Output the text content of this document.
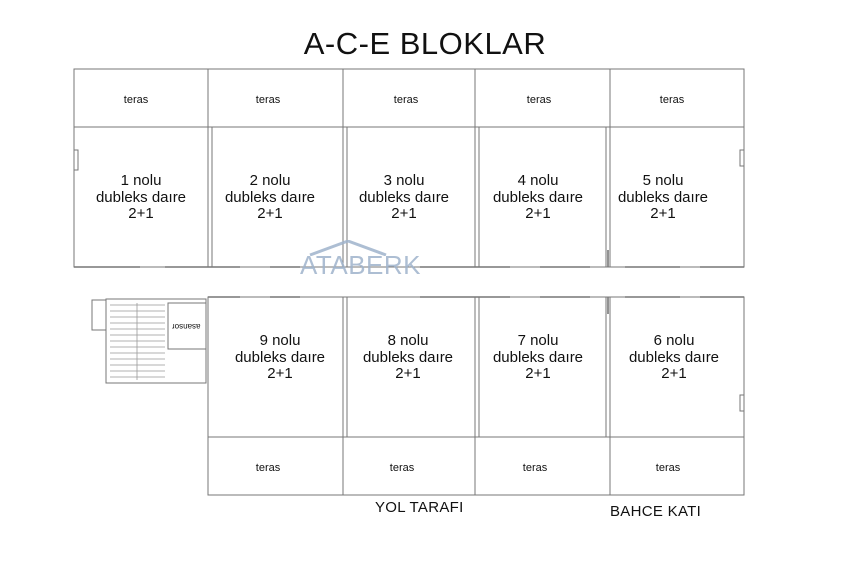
A-C-E BLOKLAR
teras	teras	teras	teras	teras
teras	teras	teras	teras
1 nolu
dubleks daıre
2+1
2 nolu
dubleks daıre
2+1
3 nolu
dubleks daıre
2+1
4 nolu
dubleks daıre
2+1
5 nolu
dubleks daıre
2+1
9 nolu
dubleks daıre
2+1
8 nolu
dubleks daıre
2+1
7 nolu
dubleks daıre
2+1
6 nolu
dubleks daıre
2+1
asansor
ATABERK
YOL TARAFI	BAHCE KATI
